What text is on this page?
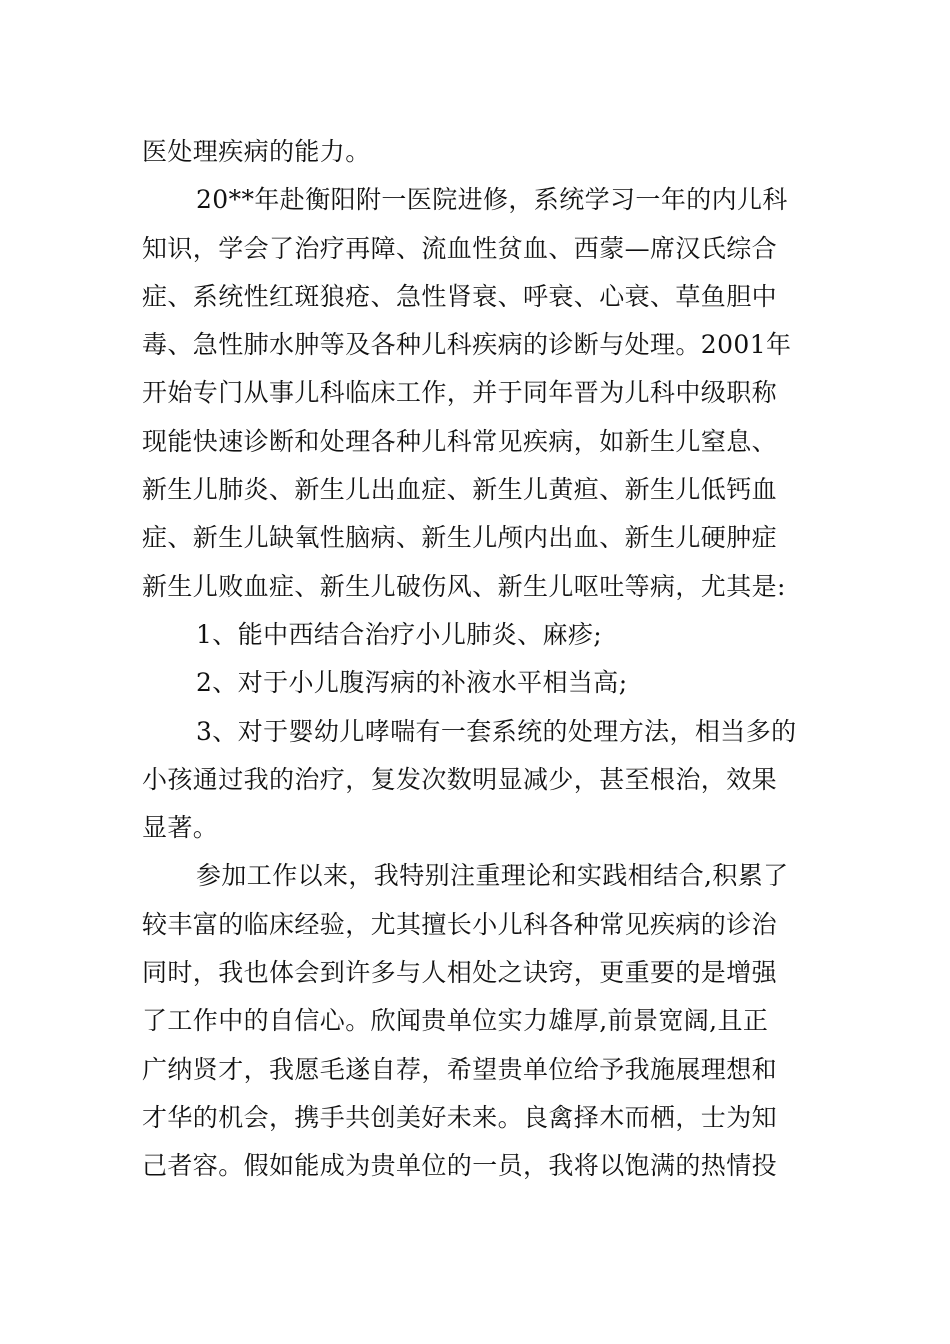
医处理疾病的能力。
20**年赴衡阳附一医院进修，系统学习一年的内儿科
知识，学会了治疗再障、流血性贫血、西蒙—席汉氏综合
症、系统性红斑狼疮、急性肾衰、呼衰、心衰、草鱼胆中
毒、急性肺水肿等及各种儿科疾病的诊断与处理。2001年
开始专门从事儿科临床工作，并于同年晋为儿科中级职称
现能快速诊断和处理各种儿科常见疾病，如新生儿窒息、
新生儿肺炎、新生儿出血症、新生儿黄疸、新生儿低钙血
症、新生儿缺氧性脑病、新生儿颅内出血、新生儿硬肿症
新生儿败血症、新生儿破伤风、新生儿呕吐等病，尤其是:
1、能中西结合治疗小儿肺炎、麻疹;
2、对于小儿腹泻病的补液水平相当高;
3、对于婴幼儿哮喘有一套系统的处理方法，相当多的
小孩通过我的治疗，复发次数明显减少，甚至根治，效果
显著。
参加工作以来，我特别注重理论和实践相结合,积累了
较丰富的临床经验，尤其擅长小儿科各种常见疾病的诊治
同时，我也体会到许多与人相处之诀窍，更重要的是增强
了工作中的自信心。欣闻贵单位实力雄厚,前景宽阔,且正
广纳贤才，我愿毛遂自荐，希望贵单位给予我施展理想和
才华的机会，携手共创美好未来。良禽择木而栖，士为知
己者容。假如能成为贵单位的一员，我将以饱满的热情投
